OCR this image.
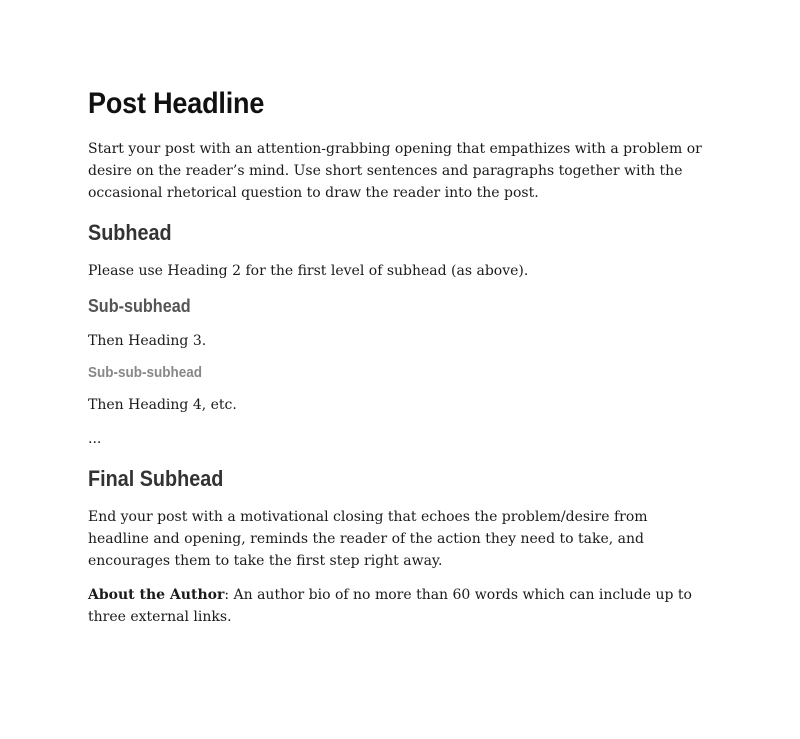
Post Headline

Start your post with an attention-grabbing opening that empathizes with a problem or desire on the reader’s mind. Use short sentences and paragraphs together with the occasional rhetorical question to draw the reader into the post.

Subhead

Please use Heading 2 for the first level of subhead (as above).

Sub-subhead

Then Heading 3.

Sub-sub-subhead

Then Heading 4, etc.

...

Final Subhead

End your post with a motivational closing that echoes the problem/desire from headline and opening, reminds the reader of the action they need to take, and encourages them to take the first step right away.

About the Author: An author bio of no more than 60 words which can include up to three external links.
